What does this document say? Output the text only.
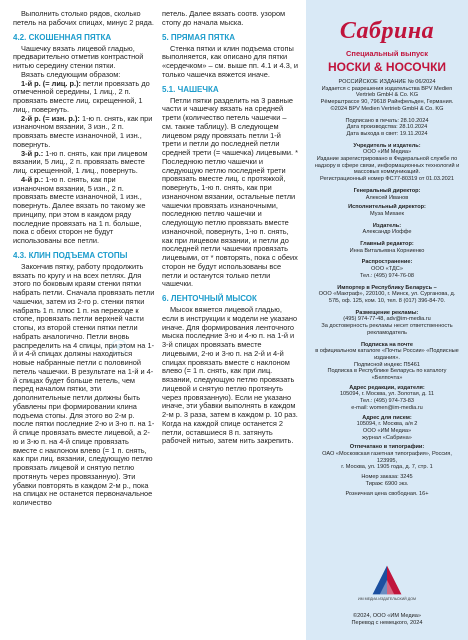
Выполнить столько рядов, сколько петель на рабочих спицах, минус 2 ряда.

4.2. СКОШЕННАЯ ПЯТКА

Чашечку вязать лицевой гладью, предварительно отметив контрастной нитью середину стенки пятки.

Вязать следующим образом:

1-й р. (= лиц. р.): петли провязать до отмеченной середины, 1 лиц., 2 п. провязать вместе лиц. скрещенной, 1 лиц., повернуть.

2-й р. (= изн. р.): 1-ю п. снять, как при изнаночном вязании, 3 изн., 2 п. провязать вместе изнаночной, 1 изн., повернуть.

3-й р.: 1-ю п. снять, как при лицевом вязании, 5 лиц., 2 п. провязать вместе лиц. скрещенной, 1 лиц., повернуть.

4-й р.: 1-ю п. снять, как при изнаночном вязании, 5 изн., 2 п. провязать вместе изнаночной, 1 изн., повернуть. Далее вязать по такому же принципу, при этом в каждом ряду последние провязать на 1 п. больше, пока с обеих сторон не будут использованы все петли.

4.3. КЛИН ПОДЪЕМА СТОПЫ

Закончив пятку, работу продолжить вязать по кругу и на всех петлях. Для этого по боковым краям стенки пятки набрать петли. Сначала провязать петли чашечки, затем из 2-го р. стенки пятки набрать 1 п. плюс 1 п. на переходе к стопе, провязать петли верхней части стопы, из второй стенки пятки петли набрать аналогично. Петли вновь распределить на 4 спицы, при этом на 1-й и 4-й спицах должны находиться новые набранные петли с половиной петель чашечки. В результате на 1-й и 4-й спицах будет больше петель, чем перед началом пятки, эти дополнительные петли должны быть убавлены при формировании клина подъема стопы. Для этого во 2-м р. после пятки последние 2-ю и 3-ю п. на 1-й спице провязать вместе лицевой, а 2-ю и 3-ю п. на 4-й спице провязать вместе с наклоном влево (= 1 п. снять, как при лиц. вязании, следующую петлю провязать лицевой и снятую петлю протянуть через провязанную). Эти убавки повторять в каждом 2-м р., пока на спицах не останется первоначальное количество

петель. Далее вязать соотв. узором стопу до начала мыска.

5. ПРЯМАЯ ПЯТКА

Стенка пятки и клин подъема стопы выполняется, как описано для пятки «сердечком» – см. выше пп. 4.1 и 4.3, и только чашечка вяжется иначе.

5.1. ЧАШЕЧКА

Петли пятки разделить на 3 равные части и чашечку вязать на средней трети (количество петель чашечки – см. также таблицу). В следующем лицевом ряду провязать петли 1-й трети и петли до последней петли средней трети (= чашечка) лицевыми. * Последнюю петлю чашечки и следующую петлю последней трети провязать вместе лиц. с протяжкой, повернуть, 1-ю п. снять, как при изнаночном вязании, остальные петли чашечки провязать изнаночными, последнюю петлю чашечки и следующую петлю провязать вместе изнаночной, повернуть, 1-ю п. снять, как при лицевом вязании, и петли до последней петли чашечки провязать лицевыми, от * повторять, пока с обеих сторон не будут использованы все петли и останутся только петли чашечки.

6. ЛЕНТОЧНЫЙ МЫСОК

Мысок вяжется лицевой гладью, если в инструкции к модели не указано иначе. Для формирования ленточного мыска последние 3-ю и 4-ю п. на 1-й и 3-й спицах провязать вместе лицевыми, 2-ю и 3-ю п. на 2-й и 4-й спицах провязать вместе с наклоном влево (= 1 п. снять, как при лиц. вязании, следующую петлю провязать лицевой и снятую петлю протянуть через провязанную). Если не указано иначе, эти убавки выполнять в каждом 2-м р. 3 раза, затем в каждом р. 10 раз. Когда на каждой спице останется 2 петли, оставшиеся 8 п. затянуть рабочей нитью, затем нить закрепить.

Сабрина
Специальный выпуск
НОСКИ & НОСОЧКИ
РОССИЙСКОЕ ИЗДАНИЕ № 06/2024
Издается с разрешения издательства BPV Medien Vertrieb GmbH & Co. KG
Рёмерштрассе 90, 79618 Райнфельден, Германия.
©2024 BPV Medien Vertrieb GmbH & Co. KG
Подписано в печать: 28.10.2024
Дата производства: 28.10.2024
Дата выхода в свет: 19.11.2024
Учредитель и издатель:
ООО «ИМ Медиа»
Издание зарегистрировано в Федеральной службе по надзору в сфере связи, информационных технологий и массовых коммуникаций.
Регистрационный номер ФС77-80319 от 01.03.2021
Генеральный директор:
Алексей Иванов
Исполнительный директор:
Муза Михаек
Издатель:
Александр Иоффе
Главный редактор:
Инна Витальевна Корниенко
Распространение:
ООО «ТДС»
Тел.: (495) 974-76-08
Импортер в Республику Беларусь –
ООО «Макграф», 220100, г. Минск, ул. Сурганова, д. 57Б, оф. 125, ком. 10, тел. 8 (017) 396-84-70.
Размещение рекламы:
(495) 974-77-48, adv@im-media.ru
За достоверность рекламы несет ответственность рекламодатель
Подписка на почте
в официальном каталоге «Почты России» «Подписные издания».
Подписной индекс П5461
Подписка в Республике Беларусь по каталогу «Белпочта»
Адрес редакции, издателя:
105094, г. Москва, ул. Золотая, д. 11
Тел.: (495) 974-73-83
e-mail: women@im-media.ru
Адрес для писем:
105094, г. Москва, а/я 2
ООО «ИМ Медиа»
журнал «Сабрина»
Отпечатано в типографии:
ОАО «Московская газетная типография», Россия, 123995,
г. Москва, ул. 1905 года, д. 7, стр. 1
Номер заказа: 3245
Тираж: 6900 экз.
Розничная цена свободная. 16+
ИМ МЕДИА ИЗДАТЕЛЬСКИЙ ДОМ
©2024, ООО «ИМ Медиа»
Перевод с немецкого, 2024
